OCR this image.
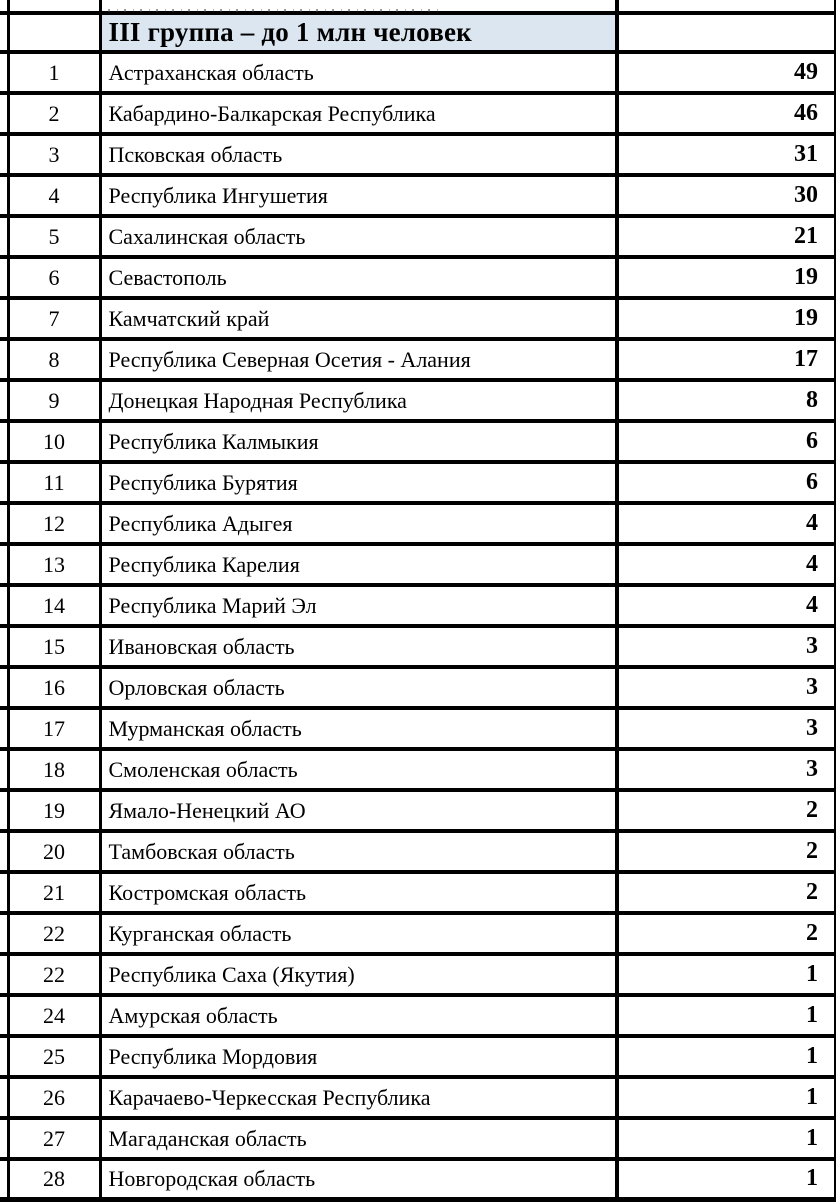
		III группа – до 1 млн человек	
	1	Астраханская область	49
	2	Кабардино-Балкарская Республика	46
	3	Псковская область	31
	4	Республика Ингушетия	30
	5	Сахалинская область	21
	6	Севастополь	19
	7	Камчатский край	19
	8	Республика Северная Осетия - Алания	17
	9	Донецкая Народная Республика	8
	10	Республика Калмыкия	6
	11	Республика Бурятия	6
	12	Республика Адыгея	4
	13	Республика Карелия	4
	14	Республика Марий Эл	4
	15	Ивановская область	3
	16	Орловская область	3
	17	Мурманская область	3
	18	Смоленская область	3
	19	Ямало-Ненецкий АО	2
	20	Тамбовская область	2
	21	Костромская область	2
	22	Курганская область	2
	22	Республика Саха (Якутия)	1
	24	Амурская область	1
	25	Республика Мордовия	1
	26	Карачаево-Черкесская Республика	1
	27	Магаданская область	1
	28	Новгородская область	1
